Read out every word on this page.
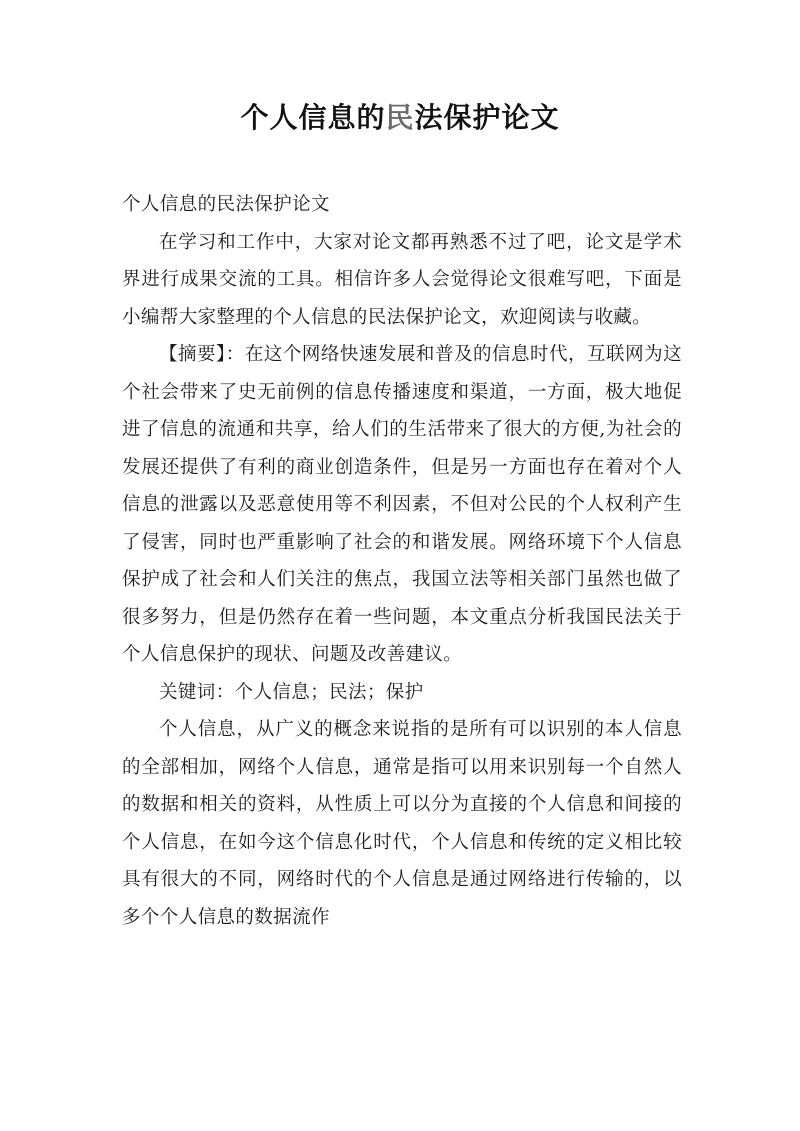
个人信息的民法保护论文

个人信息的民法保护论文

在学习和工作中，大家对论文都再熟悉不过了吧，论文是学术界进行成果交流的工具。相信许多人会觉得论文很难写吧，下面是小编帮大家整理的个人信息的民法保护论文，欢迎阅读与收藏。

【摘要】：在这个网络快速发展和普及的信息时代，互联网为这个社会带来了史无前例的信息传播速度和渠道，一方面，极大地促进了信息的流通和共享，给人们的生活带来了很大的方便,为社会的发展还提供了有利的商业创造条件，但是另一方面也存在着对个人信息的泄露以及恶意使用等不利因素，不但对公民的个人权利产生了侵害，同时也严重影响了社会的和谐发展。网络环境下个人信息保护成了社会和人们关注的焦点，我国立法等相关部门虽然也做了很多努力，但是仍然存在着一些问题，本文重点分析我国民法关于个人信息保护的现状、问题及改善建议。

关键词：个人信息；民法；保护

个人信息，从广义的概念来说指的是所有可以识别的本人信息的全部相加，网络个人信息，通常是指可以用来识别每一个自然人的数据和相关的资料，从性质上可以分为直接的个人信息和间接的个人信息，在如今这个信息化时代，个人信息和传统的定义相比较具有很大的不同，网络时代的个人信息是通过网络进行传输的，以多个个人信息的数据流作
